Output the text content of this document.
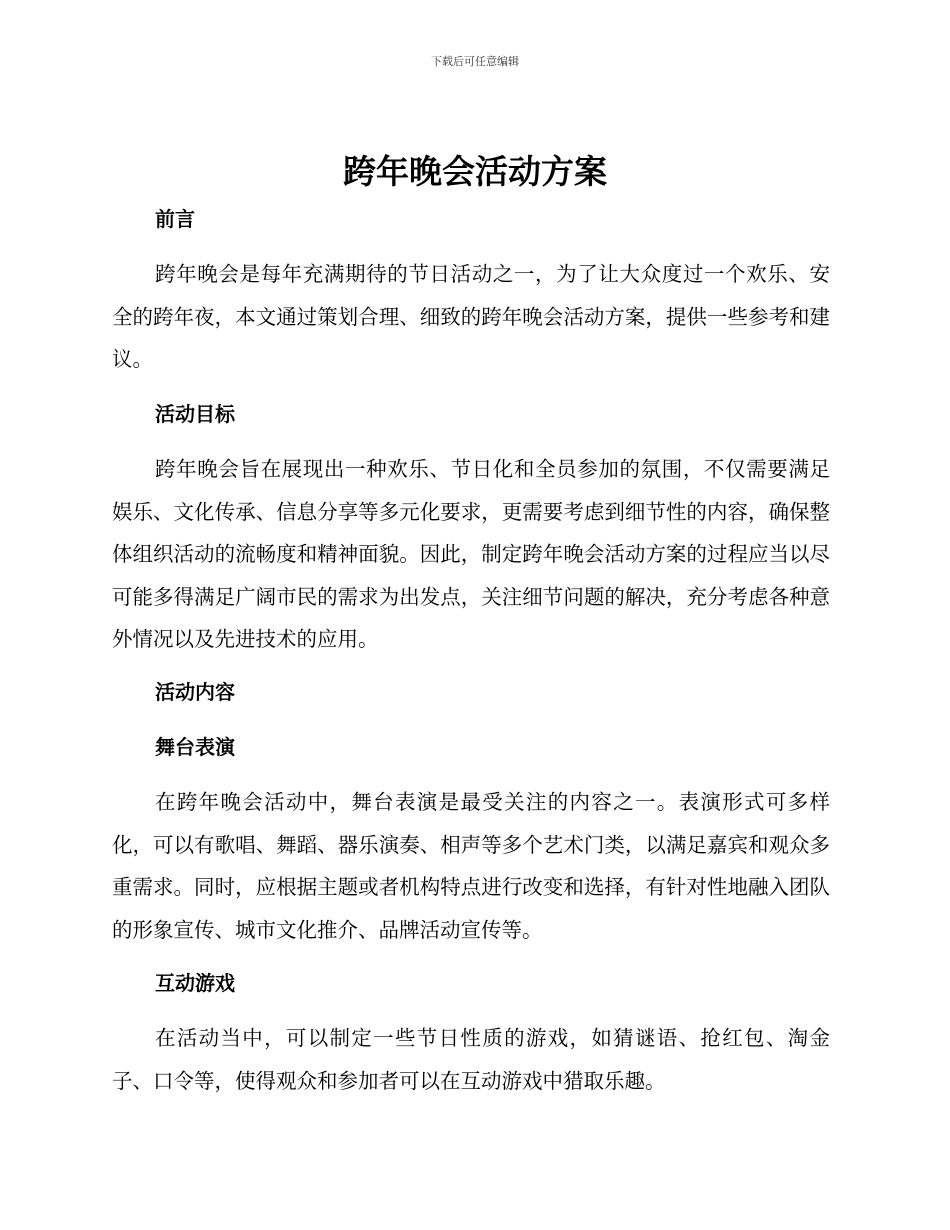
下载后可任意编辑
跨年晚会活动方案
前言

跨年晚会是每年充满期待的节日活动之一，为了让大众度过一个欢乐、安全的跨年夜，本文通过策划合理、细致的跨年晚会活动方案，提供一些参考和建议。

活动目标

跨年晚会旨在展现出一种欢乐、节日化和全员参加的氛围，不仅需要满足娱乐、文化传承、信息分享等多元化要求，更需要考虑到细节性的内容，确保整体组织活动的流畅度和精神面貌。因此，制定跨年晚会活动方案的过程应当以尽可能多得满足广阔市民的需求为出发点，关注细节问题的解决，充分考虑各种意外情况以及先进技术的应用。

活动内容
舞台表演

在跨年晚会活动中，舞台表演是最受关注的内容之一。表演形式可多样化，可以有歌唱、舞蹈、器乐演奏、相声等多个艺术门类，以满足嘉宾和观众多重需求。同时，应根据主题或者机构特点进行改变和选择，有针对性地融入团队的形象宣传、城市文化推介、品牌活动宣传等。

互动游戏

在活动当中，可以制定一些节日性质的游戏，如猜谜语、抢红包、淘金子、口令等，使得观众和参加者可以在互动游戏中猎取乐趣。
